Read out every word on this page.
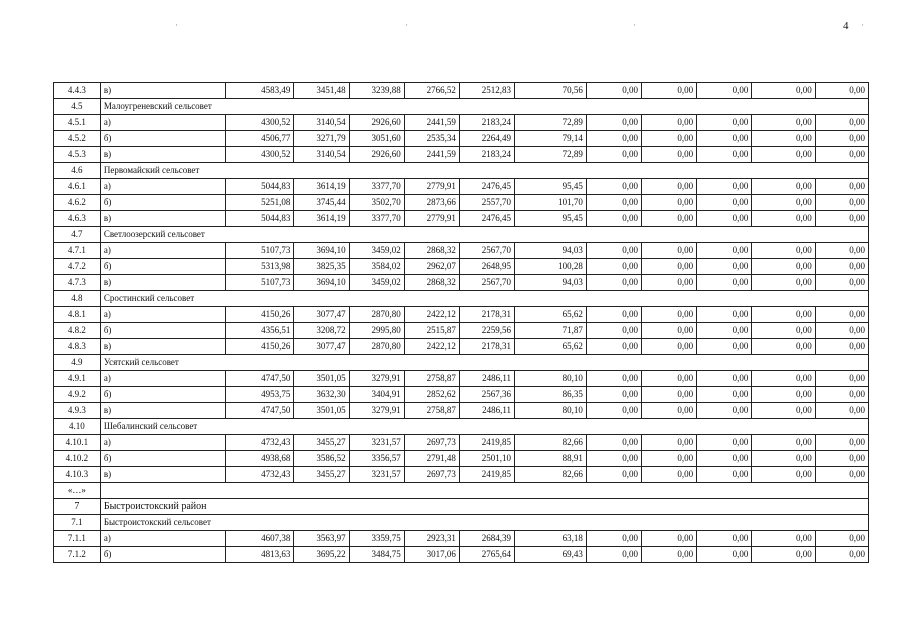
4
·	·	·	·
4.4.3	в)	4583,49	3451,48	3239,88	2766,52	2512,83	70,56	0,00	0,00	0,00	0,00	0,00
4.5	Малоугреневский сельсовет											
4.5.1	а)	4300,52	3140,54	2926,60	2441,59	2183,24	72,89	0,00	0,00	0,00	0,00	0,00
4.5.2	б)	4506,77	3271,79	3051,60	2535,34	2264,49	79,14	0,00	0,00	0,00	0,00	0,00
4.5.3	в)	4300,52	3140,54	2926,60	2441,59	2183,24	72,89	0,00	0,00	0,00	0,00	0,00
4.6	Первомайский сельсовет											
4.6.1	а)	5044,83	3614,19	3377,70	2779,91	2476,45	95,45	0,00	0,00	0,00	0,00	0,00
4.6.2	б)	5251,08	3745,44	3502,70	2873,66	2557,70	101,70	0,00	0,00	0,00	0,00	0,00
4.6.3	в)	5044,83	3614,19	3377,70	2779,91	2476,45	95,45	0,00	0,00	0,00	0,00	0,00
4.7	Светлоозерский сельсовет											
4.7.1	а)	5107,73	3694,10	3459,02	2868,32	2567,70	94,03	0,00	0,00	0,00	0,00	0,00
4.7.2	б)	5313,98	3825,35	3584,02	2962,07	2648,95	100,28	0,00	0,00	0,00	0,00	0,00
4.7.3	в)	5107,73	3694,10	3459,02	2868,32	2567,70	94,03	0,00	0,00	0,00	0,00	0,00
4.8	Сростинский сельсовет											
4.8.1	а)	4150,26	3077,47	2870,80	2422,12	2178,31	65,62	0,00	0,00	0,00	0,00	0,00
4.8.2	б)	4356,51	3208,72	2995,80	2515,87	2259,56	71,87	0,00	0,00	0,00	0,00	0,00
4.8.3	в)	4150,26	3077,47	2870,80	2422,12	2178,31	65,62	0,00	0,00	0,00	0,00	0,00
4.9	Усятский сельсовет											
4.9.1	а)	4747,50	3501,05	3279,91	2758,87	2486,11	80,10	0,00	0,00	0,00	0,00	0,00
4.9.2	б)	4953,75	3632,30	3404,91	2852,62	2567,36	86,35	0,00	0,00	0,00	0,00	0,00
4.9.3	в)	4747,50	3501,05	3279,91	2758,87	2486,11	80,10	0,00	0,00	0,00	0,00	0,00
4.10	Шебалинский сельсовет											
4.10.1	а)	4732,43	3455,27	3231,57	2697,73	2419,85	82,66	0,00	0,00	0,00	0,00	0,00
4.10.2	б)	4938,68	3586,52	3356,57	2791,48	2501,10	88,91	0,00	0,00	0,00	0,00	0,00
4.10.3	в)	4732,43	3455,27	3231,57	2697,73	2419,85	82,66	0,00	0,00	0,00	0,00	0,00
«…»												
7	Быстроистокский район											
7.1	Быстроистокский сельсовет											
7.1.1	а)	4607,38	3563,97	3359,75	2923,31	2684,39	63,18	0,00	0,00	0,00	0,00	0,00
7.1.2	б)	4813,63	3695,22	3484,75	3017,06	2765,64	69,43	0,00	0,00	0,00	0,00	0,00
